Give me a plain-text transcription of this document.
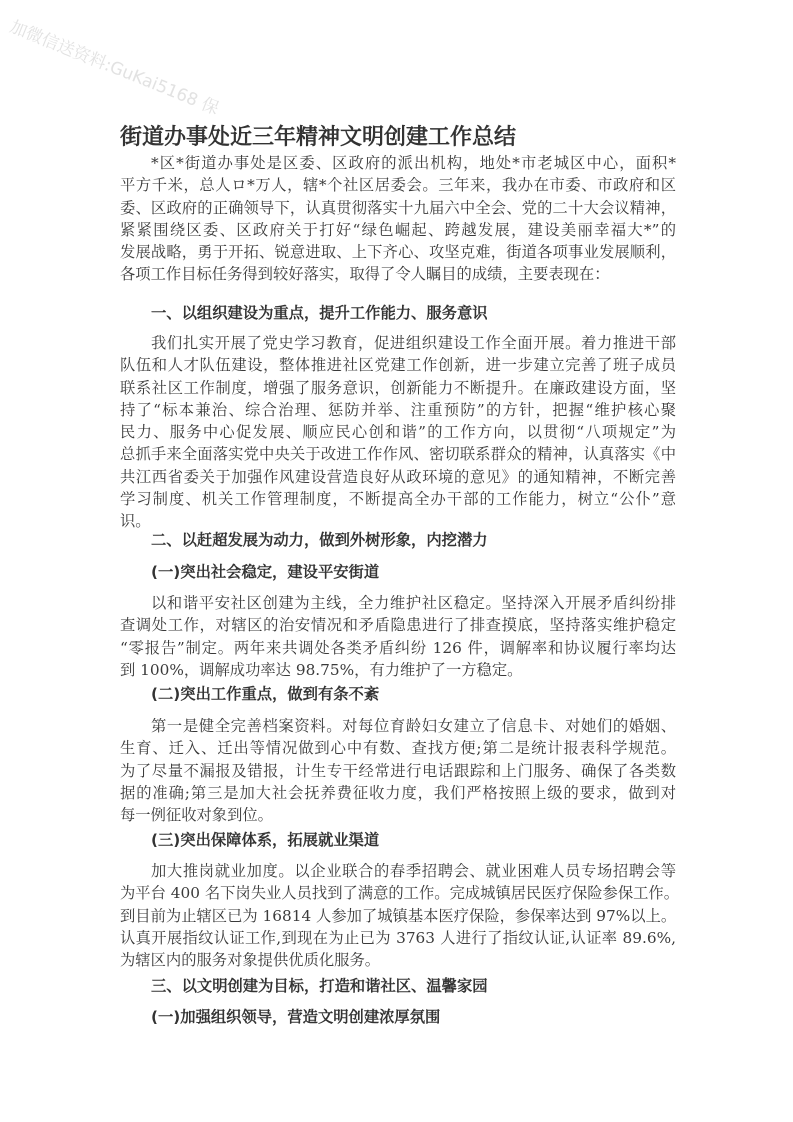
加微信送资料:GuKai5168 保
街道办事处近三年精神文明创建工作总结
*区*街道办事处是区委、区政府的派出机构，地处*市老城区中心，面积*
平方千米，总人ロ*万人，辖*个社区居委会。三年来，我办在市委、市政府和区
委、区政府的正确领导下，认真贯彻落实十九届六中全会、党的二十大会议精神，
紧紧围绕区委、区政府关于打好“绿色崛起、跨越发展，建设美丽幸福大*”的
发展战略，勇于开拓、锐意进取、上下齐心、攻坚克难，街道各项事业发展顺利，
各项工作目标任务得到较好落实，取得了令人瞩目的成绩，主要表现在：
一、以组织建设为重点，提升工作能力、服务意识
我们扎实开展了党史学习教育，促进组织建设工作全面开展。着力推进干部
队伍和人才队伍建设，整体推进社区党建工作创新，进一步建立完善了班子成员
联系社区工作制度，增强了服务意识，创新能力不断提升。在廉政建设方面，坚
持了“标本兼治、综合治理、惩防并举、注重预防”的方针，把握“维护核心聚
民力、服务中心促发展、顺应民心创和谐”的工作方向，以贯彻“八项规定”为
总抓手来全面落实党中央关于改进工作作风、密切联系群众的精神，认真落实《中
共江西省委关于加强作风建设营造良好从政环境的意见》的通知精神，不断完善
学习制度、机关工作管理制度，不断提高全办干部的工作能力，树立“公仆”意
识。
二、以赶超发展为动力，做到外树形象，内挖潜力
(一)突出社会稳定，建设平安街道
以和谐平安社区创建为主线，全力维护社区稳定。坚持深入开展矛盾纠纷排
查调处工作，对辖区的治安情况和矛盾隐患进行了排查摸底，坚持落实维护稳定
“零报告”制定。两年来共调处各类矛盾纠纷 126 件，调解率和协议履行率均达
到 100%，调解成功率达 98.75%，有力维护了一方稳定。
(二)突出工作重点，做到有条不紊
第一是健全完善档案资料。对每位育龄妇女建立了信息卡、对她们的婚姻、
生育、迁入、迁出等情况做到心中有数、查找方便;第二是统计报表科学规范。
为了尽量不漏报及错报，计生专干经常进行电话跟踪和上门服务、确保了各类数
据的准确;第三是加大社会抚养费征收力度，我们严格按照上级的要求，做到对
每一例征收对象到位。
(三)突出保障体系，拓展就业渠道
加大推岗就业加度。以企业联合的春季招聘会、就业困难人员专场招聘会等
为平台 400 名下岗失业人员找到了满意的工作。完成城镇居民医疗保险参保工作。
到目前为止辖区已为 16814 人参加了城镇基本医疗保险，参保率达到 97%以上。
认真开展指纹认证工作,到现在为止已为 3763 人进行了指纹认证,认证率 89.6%,
为辖区内的服务对象提供优质化服务。
三、以文明创建为目标，打造和谐社区、温馨家园
(一)加强组织领导，营造文明创建浓厚氛围
